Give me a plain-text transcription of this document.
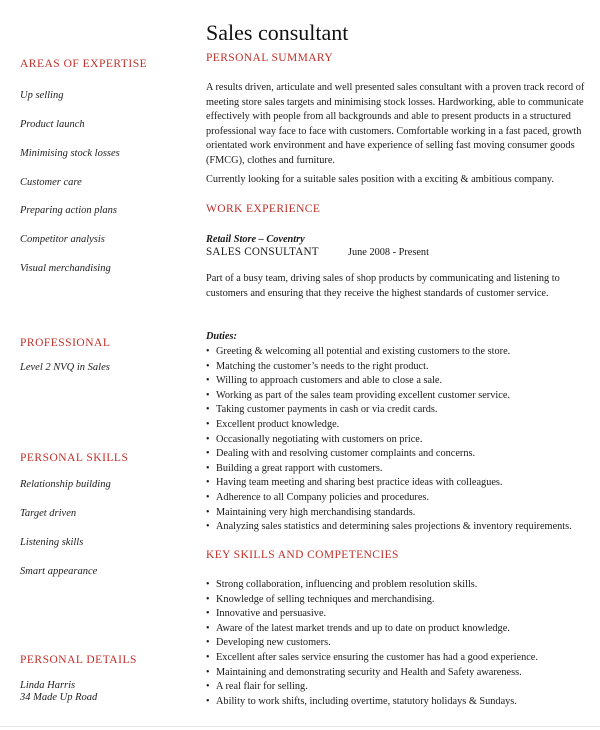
Sales consultant
AREAS OF EXPERTISE
Up selling
Product launch
Minimising stock losses
Customer care
Preparing action plans
Competitor analysis
Visual merchandising
PROFESSIONAL
Level 2 NVQ in Sales
PERSONAL SKILLS
Relationship building
Target driven
Listening skills
Smart appearance
PERSONAL DETAILS
Linda Harris
34 Made Up Road
PERSONAL SUMMARY
A results driven, articulate and well presented sales consultant with a proven track record of meeting store sales targets and minimising stock losses. Hardworking, able to communicate effectively with people from all backgrounds and able to present products in a structured professional way face to face with customers. Comfortable working in a fast paced, growth orientated work environment and have experience of selling fast moving consumer goods (FMCG), clothes and furniture.
Currently looking for a suitable sales position with a exciting & ambitious company.
WORK EXPERIENCE
Retail Store – Coventry
SALES CONSULTANT	June 2008 - Present
Part of a busy team, driving sales of shop products by communicating and listening to customers and ensuring that they receive the highest standards of customer service.
Duties:
• Greeting & welcoming all potential and existing customers to the store.
• Matching the customer’s needs to the right product.
• Willing to approach customers and able to close a sale.
• Working as part of the sales team providing excellent customer service.
• Taking customer payments in cash or via credit cards.
• Excellent product knowledge.
• Occasionally negotiating with customers on price.
• Dealing with and resolving customer complaints and concerns.
• Building a great rapport with customers.
• Having team meeting and sharing best practice ideas with colleagues.
• Adherence to all Company policies and procedures.
• Maintaining very high merchandising standards.
• Analyzing sales statistics and determining sales projections & inventory requirements.
KEY SKILLS AND COMPETENCIES
• Strong collaboration, influencing and problem resolution skills.
• Knowledge of selling techniques and merchandising.
• Innovative and persuasive.
• Aware of the latest market trends and up to date on product knowledge.
• Developing new customers.
• Excellent after sales service ensuring the customer has had a good experience.
• Maintaining and demonstrating security and Health and Safety awareness.
• A real flair for selling.
• Ability to work shifts, including overtime, statutory holidays & Sundays.
